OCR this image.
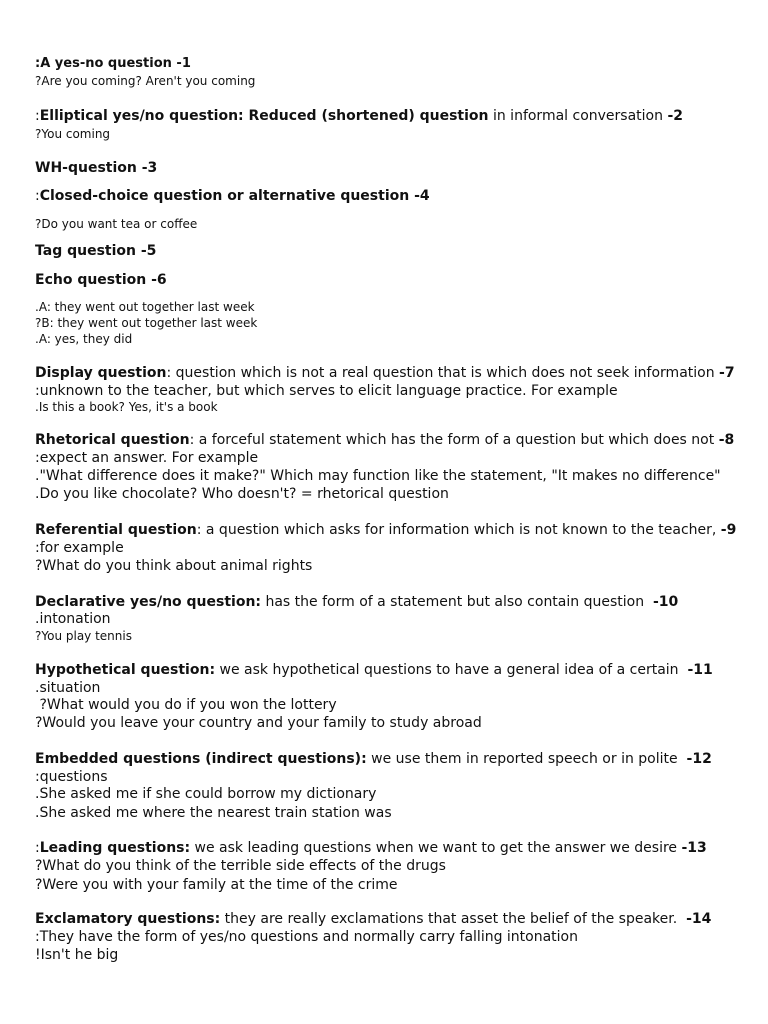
:A yes-no question -1

?Are you coming? Aren't you coming

:Elliptical yes/no question: Reduced (shortened) question in informal conversation -2

?You coming

WH-question -3

:Closed-choice question or alternative question -4

?Do you want tea or coffee

Tag question -5

Echo question -6

.A: they went out together last week

?B: they went out together last week

.A: yes, they did

Display question: question which is not a real question that is which does not seek information -7

:unknown to the teacher, but which serves to elicit language practice. For example

.Is this a book? Yes, it's a book

Rhetorical question: a forceful statement which has the form of a question but which does not -8

:expect an answer. For example

."What difference does it make?" Which may function like the statement, "It makes no difference"

.Do you like chocolate? Who doesn't? = rhetorical question

Referential question: a question which asks for information which is not known to the teacher, -9

:for example

?What do you think about animal rights

Declarative yes/no question: has the form of a statement but also contain question  -10

.intonation

?You play tennis

Hypothetical question: we ask hypothetical questions to have a general idea of a certain  -11

.situation

?What would you do if you won the lottery

?Would you leave your country and your family to study abroad

Embedded questions (indirect questions): we use them in reported speech or in polite  -12

:questions

.She asked me if she could borrow my dictionary

.She asked me where the nearest train station was

:Leading questions: we ask leading questions when we want to get the answer we desire -13

?What do you think of the terrible side effects of the drugs

?Were you with your family at the time of the crime

Exclamatory questions: they are really exclamations that asset the belief of the speaker.  -14

:They have the form of yes/no questions and normally carry falling intonation

!Isn't he big
